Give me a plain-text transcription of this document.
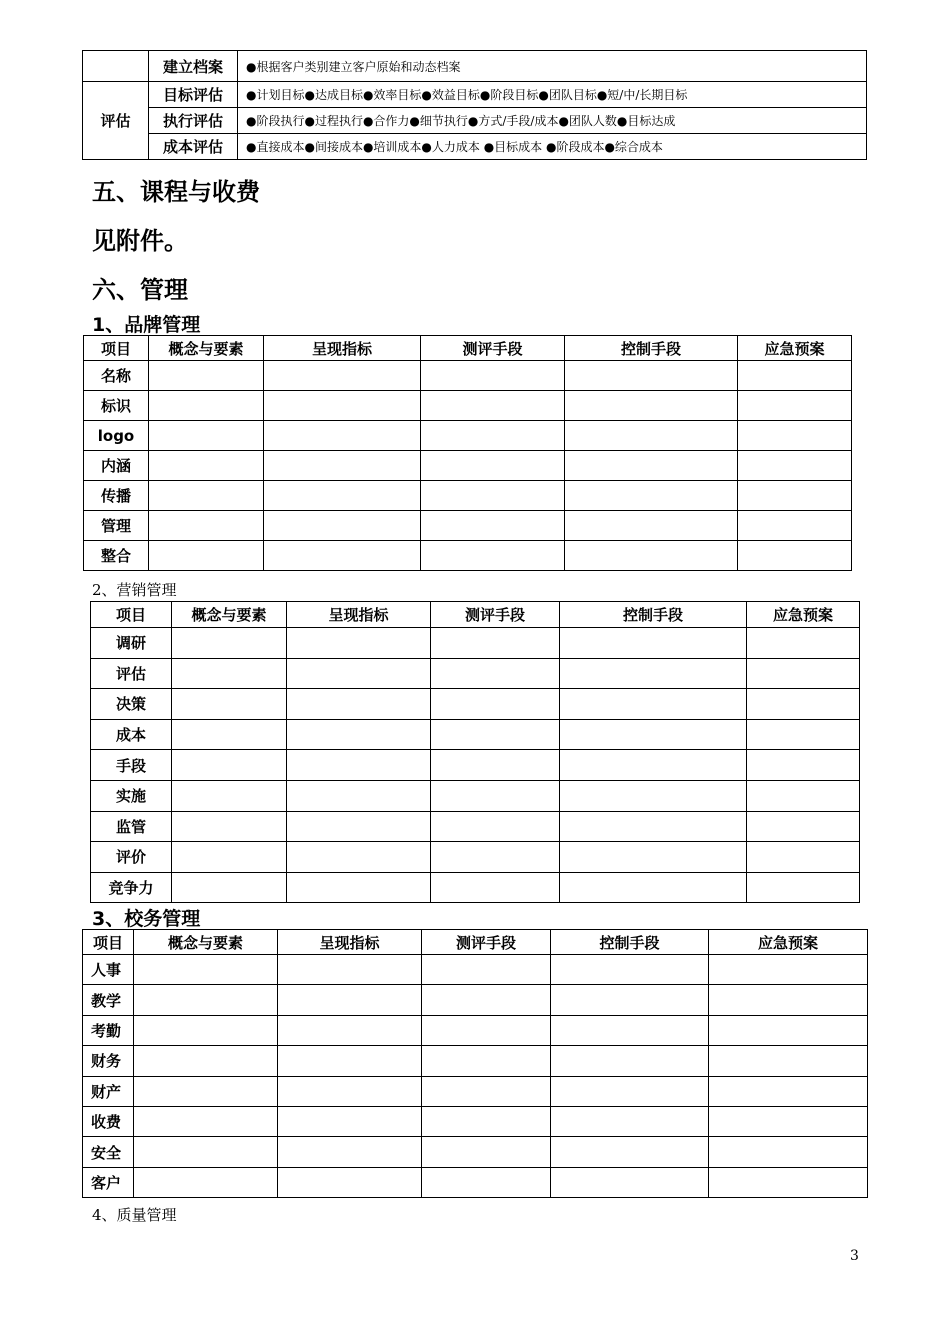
	建立档案	●根据客户类别建立客户原始和动态档案
评估	目标评估	●计划目标●达成目标●效率目标●效益目标●阶段目标●团队目标●短/中/长期目标
	执行评估	●阶段执行●过程执行●合作力●细节执行●方式/手段/成本●团队人数●目标达成
	成本评估	●直接成本●间接成本●培训成本●人力成本 ●目标成本 ●阶段成本●综合成本
五、课程与收费
见附件。
六、管理
1、品牌管理
项目	概念与要素	呈现指标	测评手段	控制手段	应急预案
名称					
标识					
logo					
内涵					
传播					
管理					
整合					
2、营销管理
项目	概念与要素	呈现指标	测评手段	控制手段	应急预案
调研					
评估					
决策					
成本					
手段					
实施					
监管					
评价					
竞争力					
3、校务管理
项目	概念与要素	呈现指标	测评手段	控制手段	应急预案
人事					
教学					
考勤					
财务					
财产					
收费					
安全					
客户					
4、质量管理
3
